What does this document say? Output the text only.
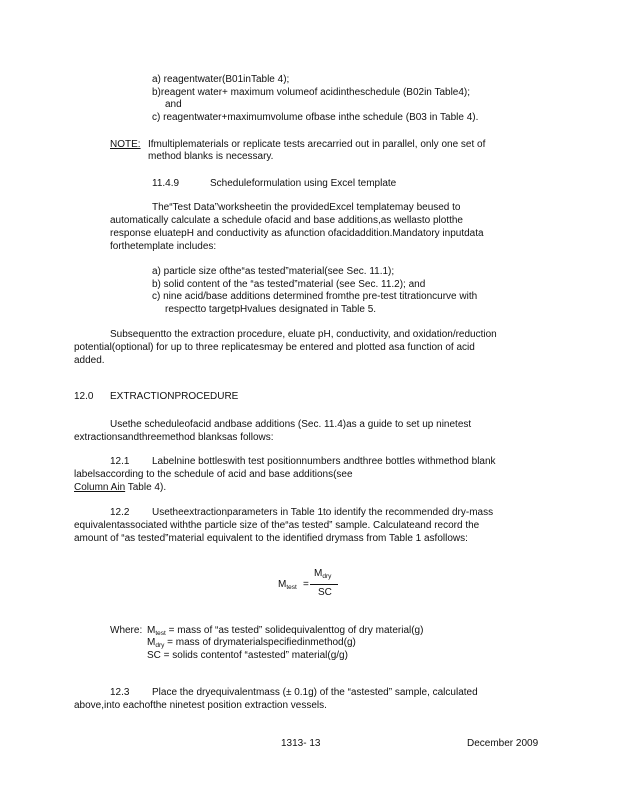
a) reagentwater(B01inTable 4);
b)reagent water+ maximum volumeof acidintheschedule (B02in Table4);
and
c) reagentwater+maximumvolume ofbase inthe schedule (B03 in Table 4).
NOTE: Ifmultiplematerials or replicate tests arecarried out in parallel, only one set of
method blanks is necessary.
11.4.9	Scheduleformulation using Excel template
The“Test Data”worksheetin the providedExcel templatemay beused to
automatically calculate a schedule ofacid and base additions,as wellasto plotthe
response eluatepH and conductivity as afunction ofacidaddition.Mandatory inputdata
forthetemplate includes:
a) particle size ofthe“as tested”material(see Sec. 11.1);
b) solid content of the “as tested”material (see Sec. 11.2); and
c) nine acid/base additions determined fromthe pre-test titrationcurve with
respectto targetpHvalues designated in Table 5.
Subsequentto the extraction procedure, eluate pH, conductivity, and oxidation/reduction
potential(optional) for up to three replicatesmay be entered and plotted asa function of acid
added.
12.0 EXTRACTIONPROCEDURE
Usethe scheduleofacid andbase additions (Sec. 11.4)as a guide to set up ninetest
extractionsandthreemethod blanksas follows:
12.1 Labelnine bottleswith test positionnumbers andthree bottles withmethod blank
labelsaccording to the schedule of acid and base additions(see
Column Ain Table 4).
12.2 Usetheextractionparameters in Table 1to identify the recommended dry-mass
equivalentassociated withthe particle size of the“as tested” sample. Calculateand record the
amount of “as tested”material equivalent to the identified drymass from Table 1 asfollows:
$M_{test}$ =
$M_{dry}$
SC
Where: $M_{test}$ = mass of “as tested” solidequivalenttog of dry material(g)
$M_{dry}$ = mass of drymaterialspecifiedinmethod(g)
SC = solids contentof “astested” material(g/g)
12.3 Place the dryequivalentmass (± 0.1g) of the “astested” sample, calculated
above,into eachofthe ninetest position extraction vessels.
1313- 13	December 2009
